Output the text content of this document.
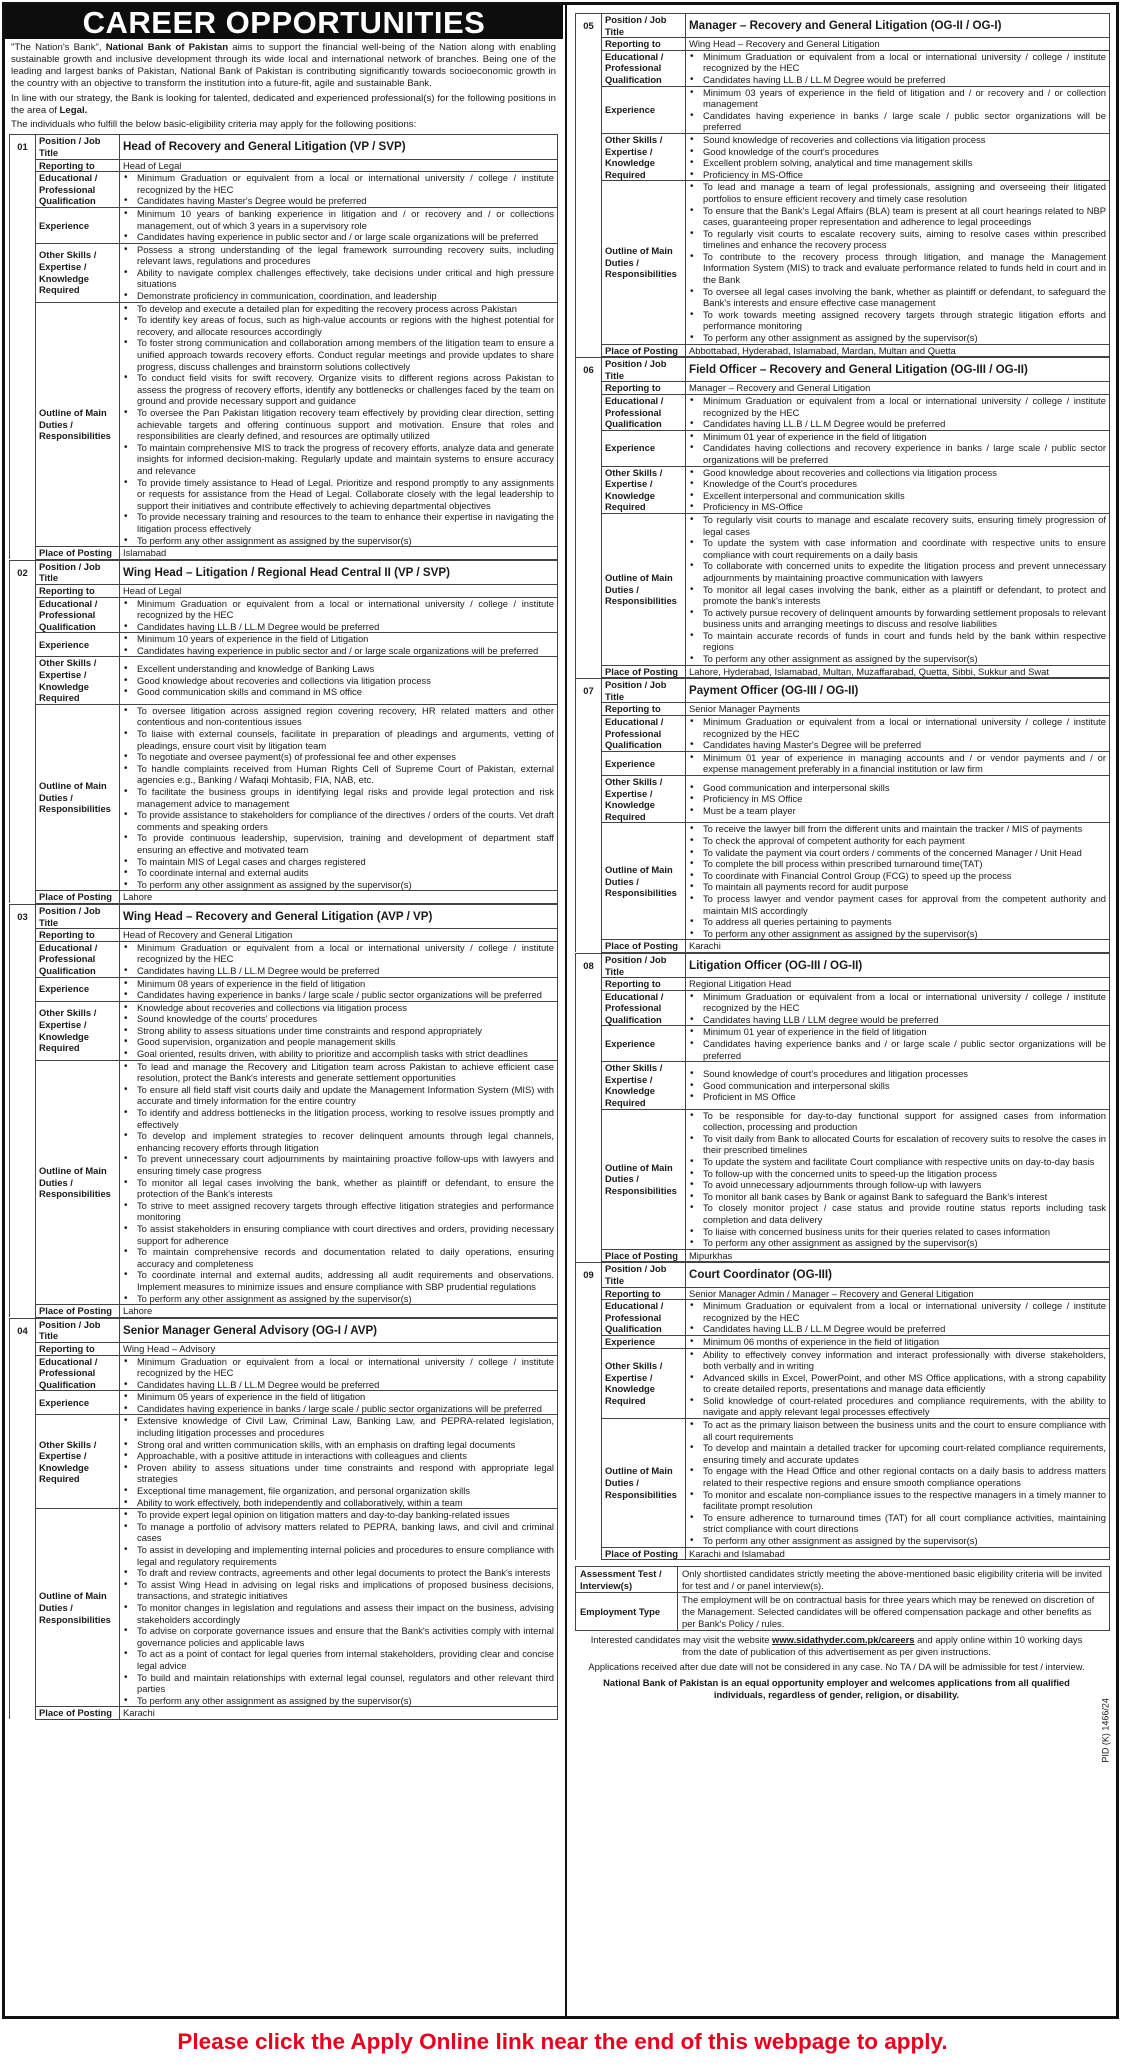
CAREER OPPORTUNITIES

"The Nation's Bank", National Bank of Pakistan aims to support the financial well-being of the Nation along with enabling sustainable growth and inclusive development through its wide local and international network of branches. Being one of the leading and largest banks of Pakistan, National Bank of Pakistan is contributing significantly towards socioeconomic growth in the country with an objective to transform the institution into a future-fit, agile and sustainable Bank.

In line with our strategy, the Bank is looking for talented, dedicated and experienced professional(s) for the following positions in the area of Legal.

The individuals who fulfill the below basic-eligibility criteria may apply for the following positions:

01	Position / Job Title	Head of Recovery and General Litigation (VP / SVP)
	Reporting to	Head of Legal
	Educational / Professional Qualification	
• Minimum Graduation or equivalent from a local or international university / college / institute recognized by the HEC
• Candidates having Master's Degree would be preferred

	Experience	
• Minimum 10 years of banking experience in litigation and / or recovery and / or collections management, out of which 3 years in a supervisory role
• Candidates having experience in public sector and / or large scale organizations will be preferred

	Other Skills / Expertise / Knowledge Required	
• Possess a strong understanding of the legal framework surrounding recovery suits, including relevant laws, regulations and procedures
• Ability to navigate complex challenges effectively, take decisions under critical and high pressure situations
• Demonstrate proficiency in communication, coordination, and leadership

	Outline of Main Duties / Responsibilities	
• To develop and execute a detailed plan for expediting the recovery process across Pakistan
• To identify key areas of focus, such as high-value accounts or regions with the highest potential for recovery, and allocate resources accordingly
• To foster strong communication and collaboration among members of the litigation team to ensure a unified approach towards recovery efforts. Conduct regular meetings and provide updates to share progress, discuss challenges and brainstorm solutions collectively
• To conduct field visits for swift recovery. Organize visits to different regions across Pakistan to assess the progress of recovery efforts, identify any bottlenecks or challenges faced by the team on ground and provide necessary support and guidance
• To oversee the Pan Pakistan litigation recovery team effectively by providing clear direction, setting achievable targets and offering continuous support and motivation. Ensure that roles and responsibilities are clearly defined, and resources are optimally utilized
• To maintain comprehensive MIS to track the progress of recovery efforts, analyze data and generate insights for informed decision-making. Regularly update and maintain systems to ensure accuracy and relevance
• To provide timely assistance to Head of Legal. Prioritize and respond promptly to any assignments or requests for assistance from the Head of Legal. Collaborate closely with the legal leadership to support their initiatives and contribute effectively to achieving departmental objectives
• To provide necessary training and resources to the team to enhance their expertise in navigating the litigation process effectively
• To perform any other assignment as assigned by the supervisor(s)

	Place of Posting	Islamabad
02	Position / Job Title	Wing Head – Litigation / Regional Head Central II (VP / SVP)
	Reporting to	Head of Legal
	Educational / Professional Qualification	
• Minimum Graduation or equivalent from a local or international university / college / institute recognized by the HEC
• Candidates having LL.B / LL.M Degree would be preferred

	Experience	
• Minimum 10 years of experience in the field of Litigation
• Candidates having experience in public sector and / or large scale organizations will be preferred

	Other Skills / Expertise / Knowledge Required	
• Excellent understanding and knowledge of Banking Laws
• Good knowledge about recoveries and collections via litigation process
• Good communication skills and command in MS office

	Outline of Main Duties / Responsibilities	
• To oversee litigation across assigned region covering recovery, HR related matters and other contentious and non-contentious issues
• To liaise with external counsels, facilitate in preparation of pleadings and arguments, vetting of pleadings, ensure court visit by litigation team
• To negotiate and oversee payment(s) of professional fee and other expenses
• To handle complaints received from Human Rights Cell of Supreme Court of Pakistan, external agencies e.g., Banking / Wafaqi Mohtasib, FIA, NAB, etc.
• To facilitate the business groups in identifying legal risks and provide legal protection and risk management advice to management
• To provide assistance to stakeholders for compliance of the directives / orders of the courts. Vet draft comments and speaking orders
• To provide continuous leadership, supervision, training and development of department staff ensuring an effective and motivated team
• To maintain MIS of Legal cases and charges registered
• To coordinate internal and external audits
• To perform any other assignment as assigned by the supervisor(s)

	Place of Posting	Lahore
03	Position / Job Title	Wing Head – Recovery and General Litigation (AVP / VP)
	Reporting to	Head of Recovery and General Litigation
	Educational / Professional Qualification	
• Minimum Graduation or equivalent from a local or international university / college / institute recognized by the HEC
• Candidates having LL.B / LL.M Degree would be preferred

	Experience	
• Minimum 08 years of experience in the field of litigation
• Candidates having experience in banks / large scale / public sector organizations will be preferred

	Other Skills / Expertise / Knowledge Required	
• Knowledge about recoveries and collections via litigation process
• Sound knowledge of the courts' procedures
• Strong ability to assess situations under time constraints and respond appropriately
• Good supervision, organization and people management skills
• Goal oriented, results driven, with ability to prioritize and accomplish tasks with strict deadlines

	Outline of Main Duties / Responsibilities	
• To lead and manage the Recovery and Litigation team across Pakistan to achieve efficient case resolution, protect the Bank's interests and generate settlement opportunities
• To ensure all field staff visit courts daily and update the Management Information System (MIS) with accurate and timely information for the entire country
• To identify and address bottlenecks in the litigation process, working to resolve issues promptly and effectively
• To develop and implement strategies to recover delinquent amounts through legal channels, enhancing recovery efforts through litigation
• To prevent unnecessary court adjournments by maintaining proactive follow-ups with lawyers and ensuring timely case progress
• To monitor all legal cases involving the bank, whether as plaintiff or defendant, to ensure the protection of the Bank's interests
• To strive to meet assigned recovery targets through effective litigation strategies and performance monitoring
• To assist stakeholders in ensuring compliance with court directives and orders, providing necessary support for adherence
• To maintain comprehensive records and documentation related to daily operations, ensuring accuracy and completeness
• To coordinate internal and external audits, addressing all audit requirements and observations. Implement measures to minimize issues and ensure compliance with SBP prudential regulations
• To perform any other assignment as assigned by the supervisor(s)

	Place of Posting	Lahore
04	Position / Job Title	Senior Manager General Advisory (OG-I / AVP)
	Reporting to	Wing Head – Advisory
	Educational / Professional Qualification	
• Minimum Graduation or equivalent from a local or international university / college / institute recognized by the HEC
• Candidates having LL.B / LL.M Degree would be preferred

	Experience	
• Minimum 05 years of experience in the field of litigation
• Candidates having experience in banks / large scale / public sector organizations will be preferred

	Other Skills / Expertise / Knowledge Required	
• Extensive knowledge of Civil Law, Criminal Law, Banking Law, and PEPRA-related legislation, including litigation processes and procedures
• Strong oral and written communication skills, with an emphasis on drafting legal documents
• Approachable, with a positive attitude in interactions with colleagues and clients
• Proven ability to assess situations under time constraints and respond with appropriate legal strategies
• Exceptional time management, file organization, and personal organization skills
• Ability to work effectively, both independently and collaboratively, within a team

	Outline of Main Duties / Responsibilities	
• To provide expert legal opinion on litigation matters and day-to-day banking-related issues
• To manage a portfolio of advisory matters related to PEPRA, banking laws, and civil and criminal cases
• To assist in developing and implementing internal policies and procedures to ensure compliance with legal and regulatory requirements
• To draft and review contracts, agreements and other legal documents to protect the Bank's interests
• To assist Wing Head in advising on legal risks and implications of proposed business decisions, transactions, and strategic initiatives
• To monitor changes in legislation and regulations and assess their impact on the business, advising stakeholders accordingly
• To advise on corporate governance issues and ensure that the Bank's activities comply with internal governance policies and applicable laws
• To act as a point of contact for legal queries from internal stakeholders, providing clear and concise legal advice
• To build and maintain relationships with external legal counsel, regulators and other relevant third parties
• To perform any other assignment as assigned by the supervisor(s)

	Place of Posting	Karachi
05	Position / Job Title	Manager – Recovery and General Litigation (OG-II / OG-I)
	Reporting to	Wing Head – Recovery and General Litigation
	Educational / Professional Qualification	
• Minimum Graduation or equivalent from a local or international university / college / institute recognized by the HEC
• Candidates having LL.B / LL.M Degree would be preferred

	Experience	
• Minimum 03 years of experience in the field of litigation and / or recovery and / or collection management
• Candidates having experience in banks / large scale / public sector organizations will be preferred

	Other Skills / Expertise / Knowledge Required	
• Sound knowledge of recoveries and collections via litigation process
• Good knowledge of the court's procedures
• Excellent problem solving, analytical and time management skills
• Proficiency in MS-Office

	Outline of Main Duties / Responsibilities	
• To lead and manage a team of legal professionals, assigning and overseeing their litigated portfolios to ensure efficient recovery and timely case resolution
• To ensure that the Bank's Legal Affairs (BLA) team is present at all court hearings related to NBP cases, guaranteeing proper representation and adherence to legal proceedings
• To regularly visit courts to escalate recovery suits, aiming to resolve cases within prescribed timelines and enhance the recovery process
• To contribute to the recovery process through litigation, and manage the Management Information System (MIS) to track and evaluate performance related to funds held in court and in the Bank
• To oversee all legal cases involving the bank, whether as plaintiff or defendant, to safeguard the Bank's interests and ensure effective case management
• To work towards meeting assigned recovery targets through strategic litigation efforts and performance monitoring
• To perform any other assignment as assigned by the supervisor(s)

	Place of Posting	Abbottabad, Hyderabad, Islamabad, Mardan, Multan and Quetta
06	Position / Job Title	Field Officer – Recovery and General Litigation (OG-III / OG-II)
	Reporting to	Manager – Recovery and General Litigation
	Educational / Professional Qualification	
• Minimum Graduation or equivalent from a local or international university / college / institute recognized by the HEC
• Candidates having LL.B / LL.M Degree would be preferred

	Experience	
• Minimum 01 year of experience in the field of litigation
• Candidates having collections and recovery experience in banks / large scale / public sector organizations will be preferred

	Other Skills / Expertise / Knowledge Required	
• Good knowledge about recoveries and collections via litigation process
• Knowledge of the Court's procedures
• Excellent interpersonal and communication skills
• Proficiency in MS-Office

	Outline of Main Duties / Responsibilities	
• To regularly visit courts to manage and escalate recovery suits, ensuring timely progression of legal cases
• To update the system with case information and coordinate with respective units to ensure compliance with court requirements on a daily basis
• To collaborate with concerned units to expedite the litigation process and prevent unnecessary adjournments by maintaining proactive communication with lawyers
• To monitor all legal cases involving the bank, either as a plaintiff or defendant, to protect and promote the bank's interests
• To actively pursue recovery of delinquent amounts by forwarding settlement proposals to relevant business units and arranging meetings to discuss and resolve liabilities
• To maintain accurate records of funds in court and funds held by the bank within respective regions
• To perform any other assignment as assigned by the supervisor(s)

	Place of Posting	Lahore, Hyderabad, Islamabad, Multan, Muzaffarabad, Quetta, Sibbi, Sukkur and Swat
07	Position / Job Title	Payment Officer (OG-III / OG-II)
	Reporting to	Senior Manager Payments
	Educational / Professional Qualification	
• Minimum Graduation or equivalent from a local or international university / college / institute recognized by the HEC
• Candidates having Master's Degree will be preferred

	Experience	
• Minimum 01 year of experience in managing accounts and / or vendor payments and / or expense management preferably in a financial institution or law firm

	Other Skills / Expertise / Knowledge Required	
• Good communication and interpersonal skills
• Proficiency in MS Office
• Must be a team player

	Outline of Main Duties / Responsibilities	
• To receive the lawyer bill from the different units and maintain the tracker / MIS of payments
• To check the approval of competent authority for each payment
• To validate the payment via court orders / comments of the concerned Manager / Unit Head
• To complete the bill process within prescribed turnaround time(TAT)
• To coordinate with Financial Control Group (FCG) to speed up the process
• To maintain all payments record for audit purpose
• To process lawyer and vendor payment cases for approval from the competent authority and maintain MIS accordingly
• To address all queries pertaining to payments
• To perform any other assignment as assigned by the supervisor(s)

	Place of Posting	Karachi
08	Position / Job Title	Litigation Officer (OG-III / OG-II)
	Reporting to	Regional Litigation Head
	Educational / Professional Qualification	
• Minimum Graduation or equivalent from a local or international university / college / institute recognized by the HEC
• Candidates having LLB / LLM degree would be preferred

	Experience	
• Minimum 01 year of experience in the field of litigation
• Candidates having experience banks and / or large scale / public sector organizations will be preferred

	Other Skills / Expertise / Knowledge Required	
• Sound knowledge of court's procedures and litigation processes
• Good communication and interpersonal skills
• Proficient in MS Office

	Outline of Main Duties / Responsibilities	
• To be responsible for day-to-day functional support for assigned cases from information collection, processing and production
• To visit daily from Bank to allocated Courts for escalation of recovery suits to resolve the cases in their prescribed timelines
• To update the system and facilitate Court compliance with respective units on day-to-day basis
• To follow-up with the concerned units to speed-up the litigation process
• To avoid unnecessary adjournments through follow-up with lawyers
• To monitor all bank cases by Bank or against Bank to safeguard the Bank's interest
• To closely monitor project / case status and provide routine status reports including task completion and data delivery
• To liaise with concerned business units for their queries related to cases information
• To perform any other assignment as assigned by the supervisor(s)

	Place of Posting	Mipurkhas
09	Position / Job Title	Court Coordinator (OG-III)
	Reporting to	Senior Manager Admin / Manager – Recovery and General Litigation
	Educational / Professional Qualification	
• Minimum Graduation or equivalent from a local or international university / college / institute recognized by the HEC
• Candidates having LL.B / LL.M Degree would be preferred

	Experience	
•Minimum 06 months of experience in the field of litigation

	Other Skills / Expertise / Knowledge Required	
• Ability to effectively convey information and interact professionally with diverse stakeholders, both verbally and in writing
• Advanced skills in Excel, PowerPoint, and other MS Office applications, with a strong capability to create detailed reports, presentations and manage data efficiently
• Solid knowledge of court-related procedures and compliance requirements, with the ability to navigate and apply relevant legal processes effectively

	Outline of Main Duties / Responsibilities	
• To act as the primary liaison between the business units and the court to ensure compliance with all court requirements
• To develop and maintain a detailed tracker for upcoming court-related compliance requirements, ensuring timely and accurate updates
• To engage with the Head Office and other regional contacts on a daily basis to address matters related to their respective regions and ensure smooth compliance operations
• To monitor and escalate non-compliance issues to the respective managers in a timely manner to facilitate prompt resolution
• To ensure adherence to turnaround times (TAT) for all court compliance activities, maintaining strict compliance with court directions
• To perform any other assignment as assigned by the supervisor(s)

	Place of Posting	Karachi and Islamabad
Assessment Test / Interview(s)	Only shortlisted candidates strictly meeting the above-mentioned basic eligibility criteria will be invited for test and / or panel interview(s).
Employment Type	The employment will be on contractual basis for three years which may be renewed on discretion of the Management. Selected candidates will be offered compensation package and other benefits as per Bank's Policy / rules.

Interested candidates may visit the website www.sidathyder.com.pk/careers and apply online within 10 working days from the date of publication of this advertisement as per given instructions.

Applications received after due date will not be considered in any case. No TA / DA will be admissible for test / interview.

National Bank of Pakistan is an equal opportunity employer and welcomes applications from all qualified individuals, regardless of gender, religion, or disability.

PID (K) 1466/24
Please click the Apply Online link near the end of this webpage to apply.
